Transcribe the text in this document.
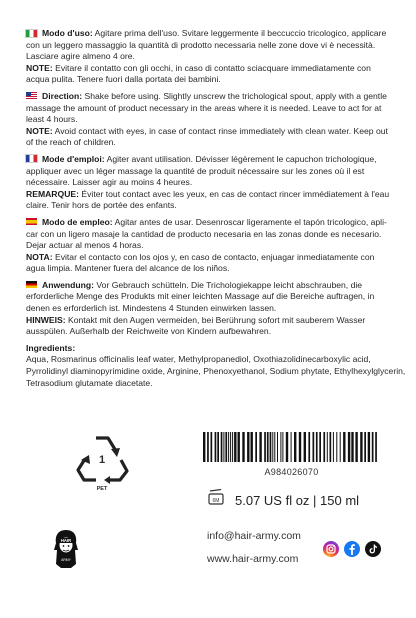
Modo d'uso: Agitare prima dell'uso. Svitare leggermente il beccuccio tricologico, applicare
con un leggero massaggio la quantità di prodotto necessaria nelle zone dove vi è necessità.
Lasciare agire almeno 4 ore.
NOTE: Evitare il contatto con gli occhi, in caso di contatto sciacquare immediatamente con
acqua pulita. Tenere fuori dalla portata dei bambini.
Direction: Shake before using. Slightly unscrew the trichological spout, apply with a gentle
massage the amount of product necessary in the areas where it is needed. Leave to act for at
least 4 hours.
NOTE: Avoid contact with eyes, in case of contact rinse immediately with clean water. Keep out
of the reach of children.
Mode d'emploi: Agiter avant utilisation. Dévisser légèrement le capuchon trichologique,
appliquer avec un léger massage la quantité de produit nécessaire sur les zones où il est
nécessaire. Laisser agir au moins 4 heures.
REMARQUE: Éviter tout contact avec les yeux, en cas de contact rincer immédiatement à l'eau
claire. Tenir hors de portée des enfants.
Modo de empleo: Agitar antes de usar. Desenroscar ligeramente el tapón tricologico, apli-
car con un ligero masaje la cantidad de producto necesaria en las zonas donde es necesario.
Dejar actuar al menos 4 horas.
NOTA: Evitar el contacto con los ojos y, en caso de contacto, enjuagar inmediatamente con
agua limpia. Mantener fuera del alcance de los niños.
Anwendung: Vor Gebrauch schütteln. Die Trichologiekappe leicht abschrauben, die
erforderliche Menge des Produkts mit einer leichten Massage auf die Bereiche auftragen, in
denen es erforderlich ist. Mindestens 4 Stunden einwirken lassen.
HINWEIS: Kontakt mit den Augen vermeiden, bei Berührung sofort mit sauberem Wasser
ausspülen. Außerhalb der Reichweite von Kindern aufbewahren.
Ingredients:
Aqua, Rosmarinus officinalis leaf water, Methylpropanediol, Oxothiazolidinecarboxylic acid,
Pyrrolidinyl diaminopyrimidine oxide, Arginine, Phenoxyethanol, Sodium phytate, Ethylhexylglycerin,
Tetrasodium glutamate diacetate.
1
PET
A984026070
6M 5.07 US fl oz | 150 ml
HAIR
ARMY
info@hair-army.com
www.hair-army.com
